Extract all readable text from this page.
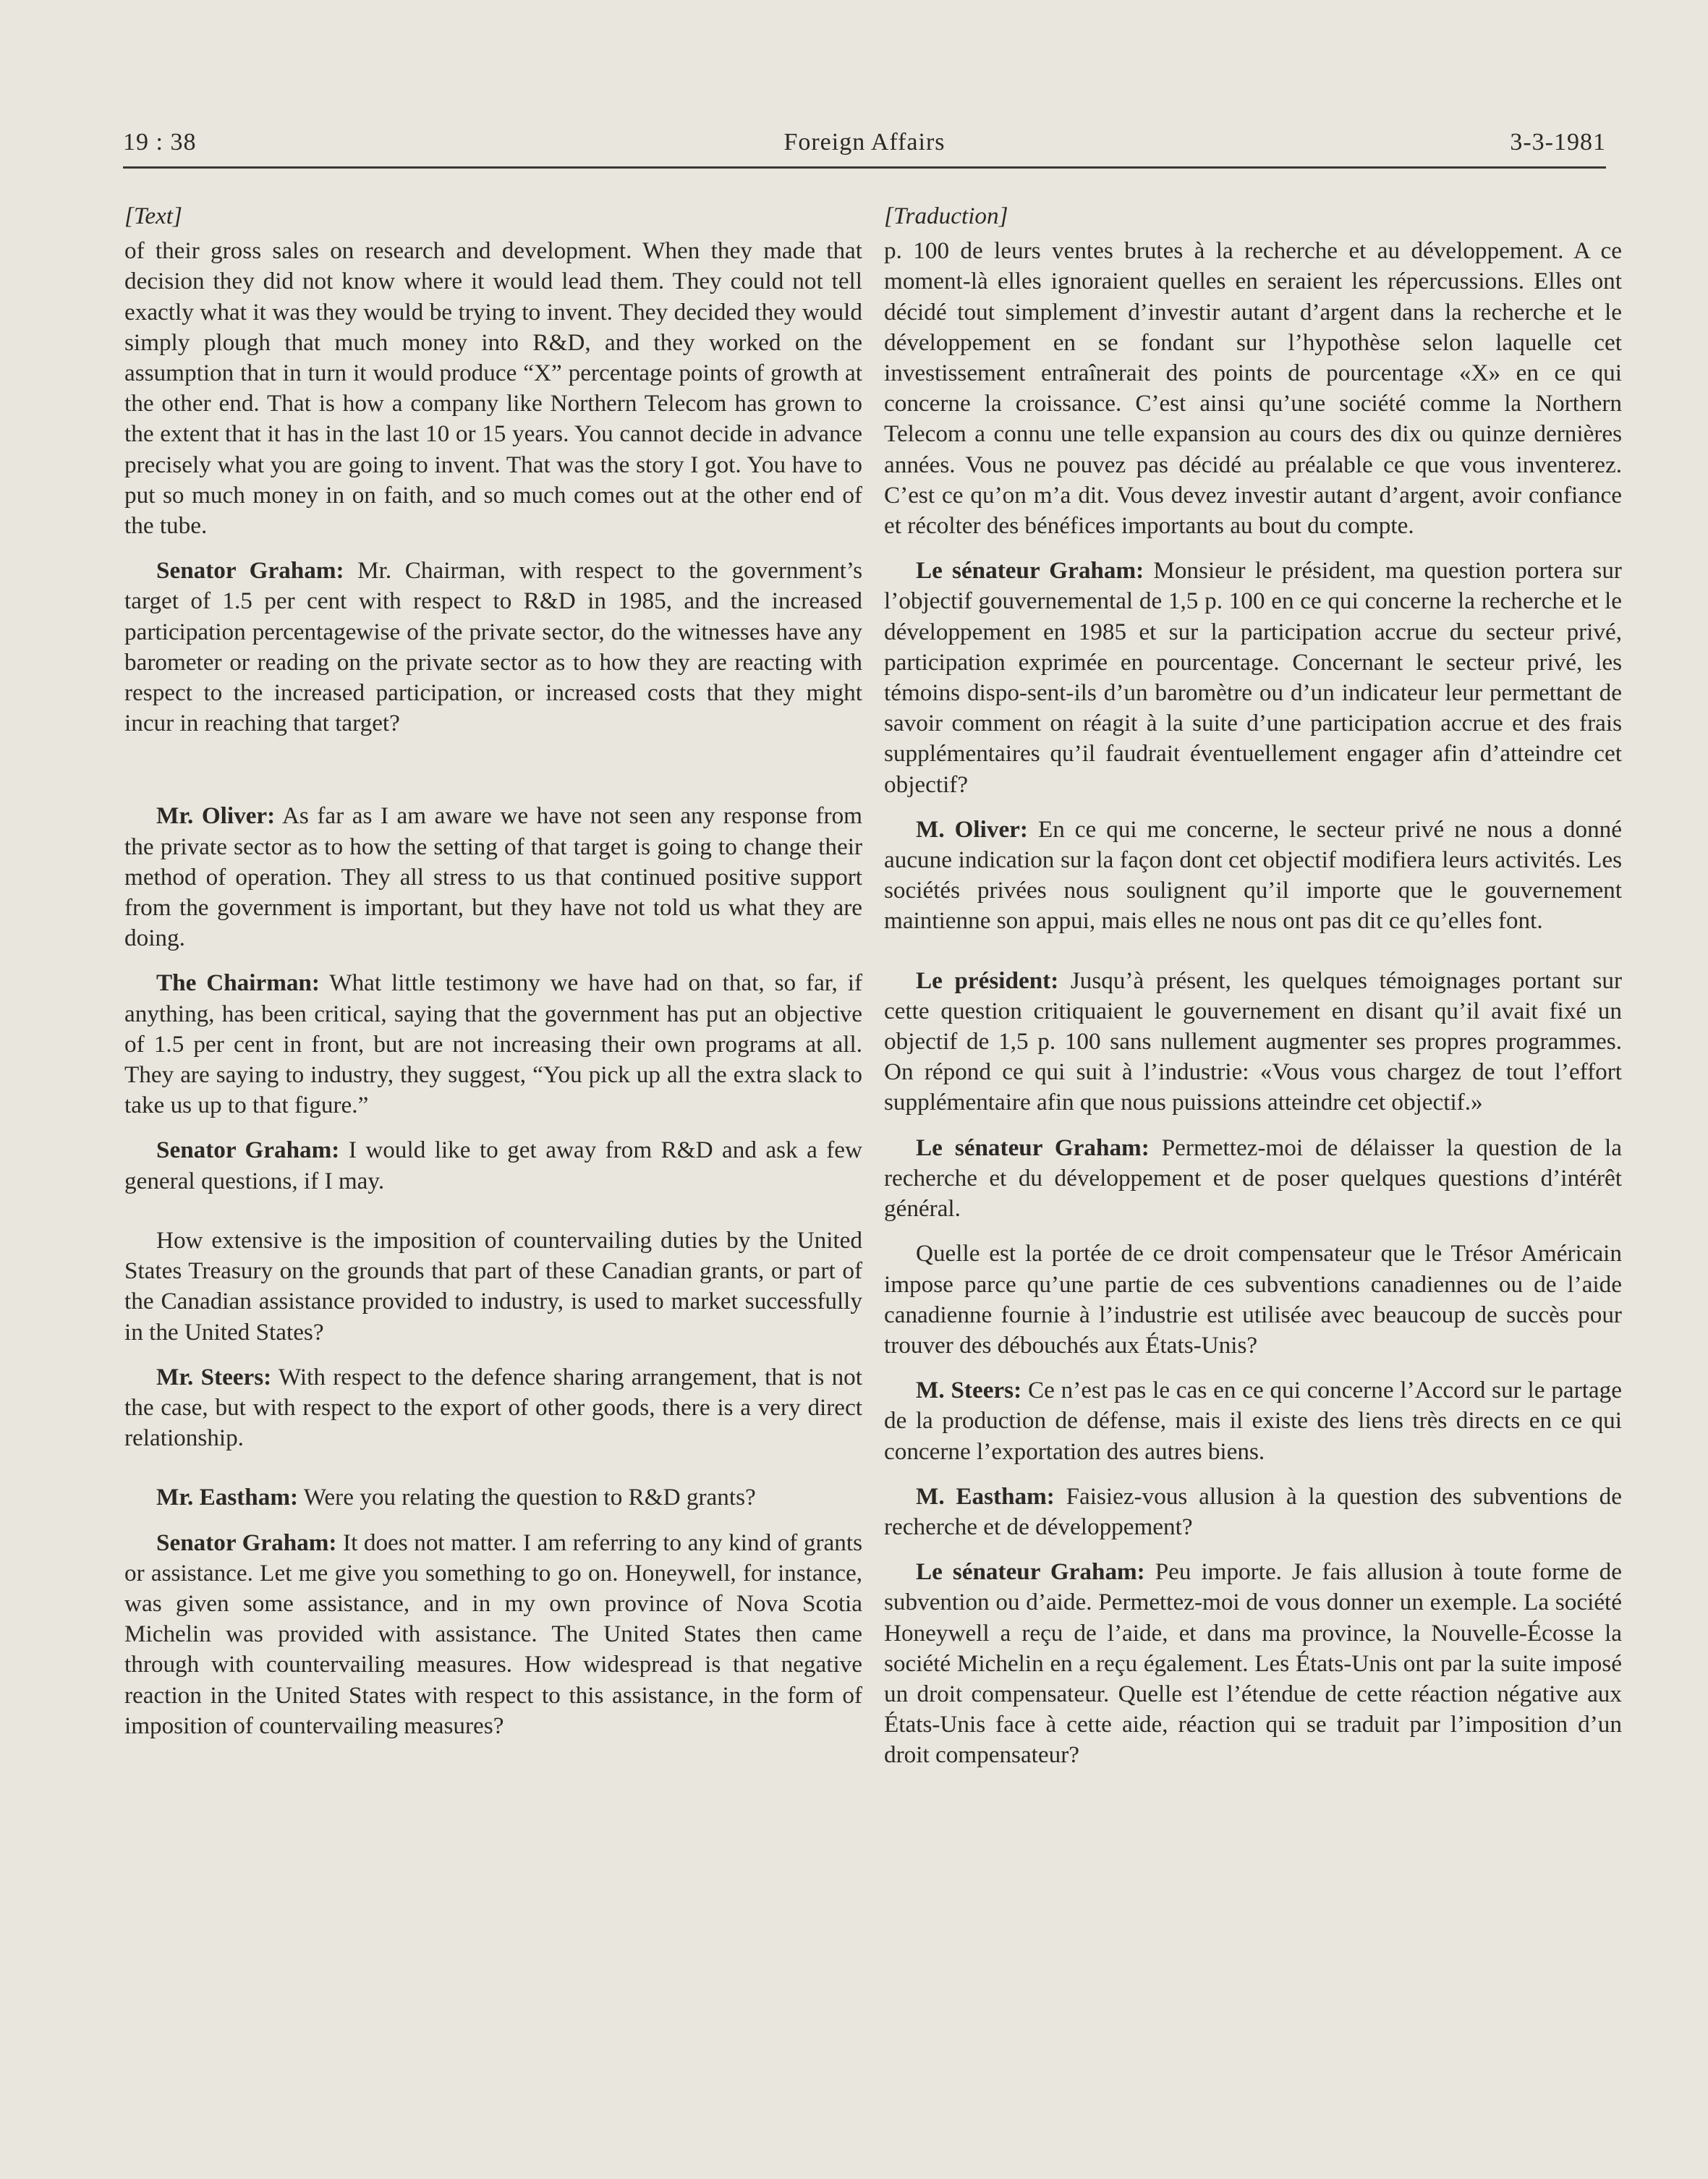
19 : 38	Foreign Affairs	3-3-1981
[Text]

of their gross sales on research and development. When they made that decision they did not know where it would lead them. They could not tell exactly what it was they would be trying to invent. They decided they would simply plough that much money into R&D, and they worked on the assumption that in turn it would produce “X” percentage points of growth at the other end. That is how a company like Northern Telecom has grown to the extent that it has in the last 10 or 15 years. You cannot decide in advance precisely what you are going to invent. That was the story I got. You have to put so much money in on faith, and so much comes out at the other end of the tube.

Senator Graham: Mr. Chairman, with respect to the government’s target of 1.5 per cent with respect to R&D in 1985, and the increased participation percentagewise of the private sector, do the witnesses have any barometer or reading on the private sector as to how they are reacting with respect to the increased participation, or increased costs that they might incur in reaching that target?

Mr. Oliver: As far as I am aware we have not seen any response from the private sector as to how the setting of that target is going to change their method of operation. They all stress to us that continued positive support from the government is important, but they have not told us what they are doing.

The Chairman: What little testimony we have had on that, so far, if anything, has been critical, saying that the government has put an objective of 1.5 per cent in front, but are not increasing their own programs at all. They are saying to industry, they suggest, “You pick up all the extra slack to take us up to that figure.”

Senator Graham: I would like to get away from R&D and ask a few general questions, if I may.

How extensive is the imposition of countervailing duties by the United States Treasury on the grounds that part of these Canadian grants, or part of the Canadian assistance provided to industry, is used to market successfully in the United States?

Mr. Steers: With respect to the defence sharing arrangement, that is not the case, but with respect to the export of other goods, there is a very direct relationship.

Mr. Eastham: Were you relating the question to R&D grants?

Senator Graham: It does not matter. I am referring to any kind of grants or assistance. Let me give you something to go on. Honeywell, for instance, was given some assistance, and in my own province of Nova Scotia Michelin was provided with assistance. The United States then came through with countervailing measures. How widespread is that negative reaction in the United States with respect to this assistance, in the form of imposition of countervailing measures?

[Traduction]

p. 100 de leurs ventes brutes à la recherche et au développement. A ce moment-là elles ignoraient quelles en seraient les répercussions. Elles ont décidé tout simplement d’investir autant d’argent dans la recherche et le développement en se fondant sur l’hypothèse selon laquelle cet investissement entraînerait des points de pourcentage «X» en ce qui concerne la croissance. C’est ainsi qu’une société comme la Northern Telecom a connu une telle expansion au cours des dix ou quinze dernières années. Vous ne pouvez pas décidé au préalable ce que vous inventerez. C’est ce qu’on m’a dit. Vous devez investir autant d’argent, avoir confiance et récolter des bénéfices importants au bout du compte.

Le sénateur Graham: Monsieur le président, ma question portera sur l’objectif gouvernemental de 1,5 p. 100 en ce qui concerne la recherche et le développement en 1985 et sur la participation accrue du secteur privé, participation exprimée en pourcentage. Concernant le secteur privé, les témoins dispo-sent-ils d’un baromètre ou d’un indicateur leur permettant de savoir comment on réagit à la suite d’une participation accrue et des frais supplémentaires qu’il faudrait éventuellement engager afin d’atteindre cet objectif?

M. Oliver: En ce qui me concerne, le secteur privé ne nous a donné aucune indication sur la façon dont cet objectif modifiera leurs activités. Les sociétés privées nous soulignent qu’il importe que le gouvernement maintienne son appui, mais elles ne nous ont pas dit ce qu’elles font.

Le président: Jusqu’à présent, les quelques témoignages portant sur cette question critiquaient le gouvernement en disant qu’il avait fixé un objectif de 1,5 p. 100 sans nullement augmenter ses propres programmes. On répond ce qui suit à l’industrie: «Vous vous chargez de tout l’effort supplémentaire afin que nous puissions atteindre cet objectif.»

Le sénateur Graham: Permettez-moi de délaisser la question de la recherche et du développement et de poser quelques questions d’intérêt général.

Quelle est la portée de ce droit compensateur que le Trésor Américain impose parce qu’une partie de ces subventions canadiennes ou de l’aide canadienne fournie à l’industrie est utilisée avec beaucoup de succès pour trouver des débouchés aux États-Unis?

M. Steers: Ce n’est pas le cas en ce qui concerne l’Accord sur le partage de la production de défense, mais il existe des liens très directs en ce qui concerne l’exportation des autres biens.

M. Eastham: Faisiez-vous allusion à la question des subventions de recherche et de développement?

Le sénateur Graham: Peu importe. Je fais allusion à toute forme de subvention ou d’aide. Permettez-moi de vous donner un exemple. La société Honeywell a reçu de l’aide, et dans ma province, la Nouvelle-Écosse la société Michelin en a reçu également. Les États-Unis ont par la suite imposé un droit compensateur. Quelle est l’étendue de cette réaction négative aux États-Unis face à cette aide, réaction qui se traduit par l’imposition d’un droit compensateur?
